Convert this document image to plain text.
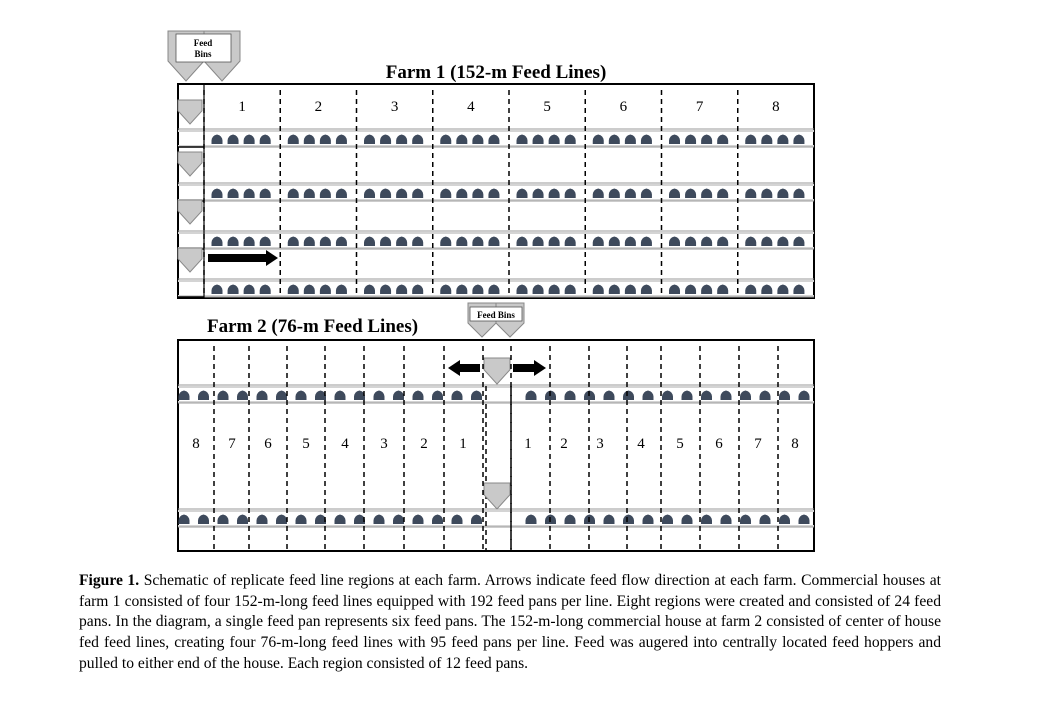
Farm 1 (152-m Feed Lines)
Feed
Bins
1	2	3	4	5	6	7	8
Farm 2 (76-m Feed Lines)
Feed Bins
8 7 6 5 4 3 2 1	1 2 3 4 5 6 7 8
Figure 1. Schematic of replicate feed line regions at each farm. Arrows indicate feed flow direction at each farm. Commercial houses at farm 1 consisted of four 152-m-long feed lines equipped with 192 feed pans per line. Eight regions were created and consisted of 24 feed pans. In the diagram, a single feed pan represents six feed pans. The 152-m-long commercial house at farm 2 consisted of center of house fed feed lines, creating four 76-m-long feed lines with 95 feed pans per line. Feed was augered into centrally located feed hoppers and pulled to either end of the house. Each region consisted of 12 feed pans.
